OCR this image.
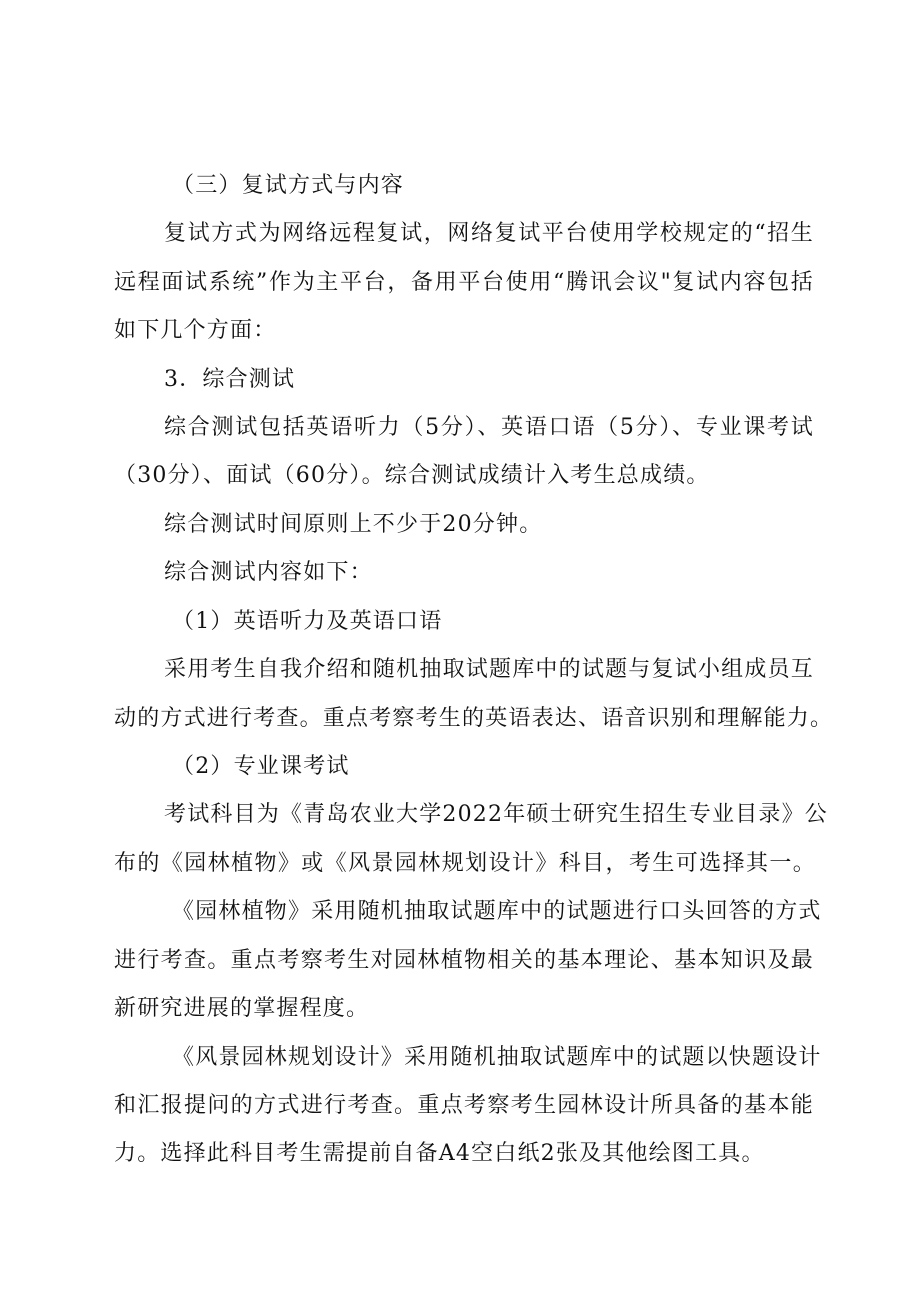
（三）复试方式与内容
复试方式为网络远程复试，网络复试平台使用学校规定的“招生
远程面试系统”作为主平台，备用平台使用“腾讯会议"复试内容包括
如下几个方面：
3．综合测试
综合测试包括英语听力（5分）、英语口语（5分）、专业课考试
（30分）、面试（60分）。综合测试成绩计入考生总成绩。
综合测试时间原则上不少于20分钟。
综合测试内容如下：
（1）英语听力及英语口语
采用考生自我介绍和随机抽取试题库中的试题与复试小组成员互
动的方式进行考查。重点考察考生的英语表达、语音识别和理解能力。
（2）专业课考试
考试科目为《青岛农业大学2022年硕士研究生招生专业目录》公
布的《园林植物》或《风景园林规划设计》科目，考生可选择其一。
《园林植物》采用随机抽取试题库中的试题进行口头回答的方式
进行考查。重点考察考生对园林植物相关的基本理论、基本知识及最
新研究进展的掌握程度。
《风景园林规划设计》采用随机抽取试题库中的试题以快题设计
和汇报提问的方式进行考查。重点考察考生园林设计所具备的基本能
力。选择此科目考生需提前自备A4空白纸2张及其他绘图工具。
